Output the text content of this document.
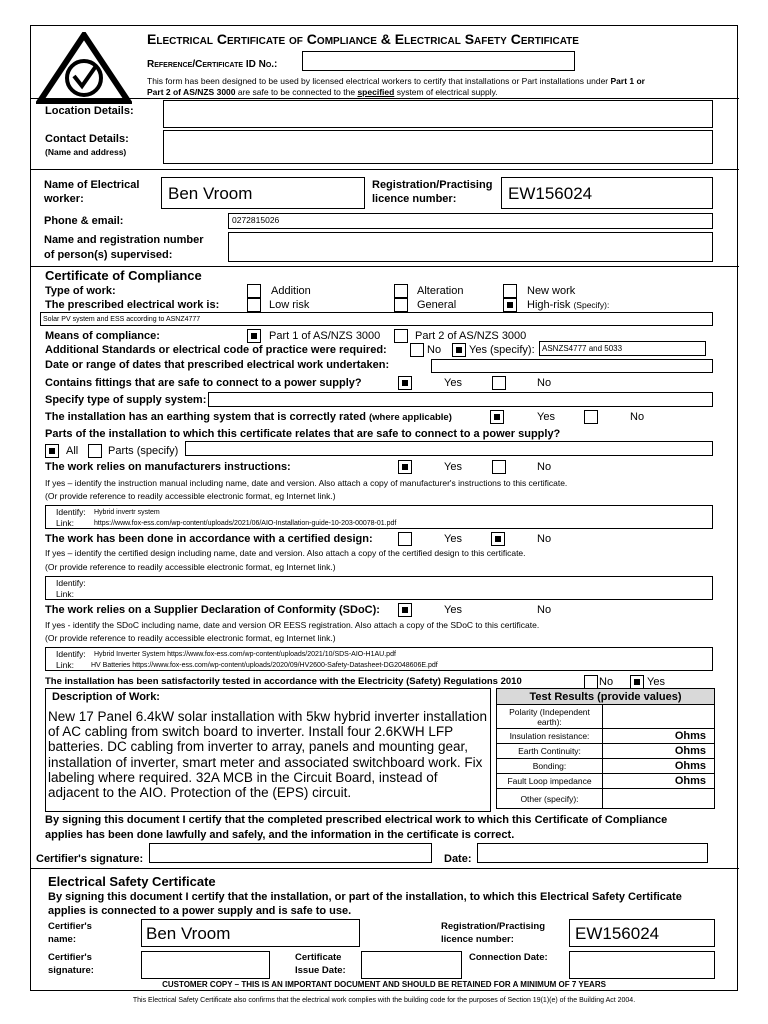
Electrical Certificate of Compliance & Electrical Safety Certificate
Reference/Certificate ID No.:
This form has been designed to be used by licensed electrical workers to certify that installations or Part installations under Part 1 or
Part 2 of AS/NZS 3000 are safe to be connected to the specified system of electrical supply.
Location Details:
Contact Details:
(Name and address)
Name of Electrical
worker:	Ben Vroom	Registration/Practising
licence number:	EW156024
Phone & email:	0272815026
Name and registration number
of person(s) supervised:
Certificate of Compliance
Type of work:	Addition	Alteration	New work
The prescribed electrical work is:	Low risk	General	High-risk (Specify):
Solar PV system and ESS according to ASNZ4777
Means of compliance:	Part 1 of AS/NZS 3000	Part 2 of AS/NZS 3000
Additional Standards or electrical code of practice were required:	No	Yes (specify): ASNZS4777 and 5033
Date or range of dates that prescribed electrical work undertaken:
Contains fittings that are safe to connect to a power supply?	Yes	No
Specify type of supply system:
The installation has an earthing system that is correctly rated (where applicable)	Yes	No
Parts of the installation to which this certificate relates that are safe to connect to a power supply?
All	Parts (specify)
The work relies on manufacturers instructions:	Yes	No
If yes – identify the instruction manual including name, date and version. Also attach a copy of manufacturer's instructions to this certificate.
(Or provide reference to readily accessible electronic format, eg Internet link.)
Identify: Hybrid invertr system
Link:	https://www.fox-ess.com/wp-content/uploads/2021/06/AIO-Installation-guide-10-203-00078-01.pdf
The work has been done in accordance with a certified design:	Yes	No
If yes – identify the certified design including name, date and version. Also attach a copy of the certified design to this certificate.
(Or provide reference to readily accessible electronic format, eg Internet link.)
Identify:
Link:
The work relies on a Supplier Declaration of Conformity (SDoC):	Yes	No
If yes - identify the SDoC including name, date and version OR EESS registration. Also attach a copy of the SDoC to this certificate.
(Or provide reference to readily accessible electronic format, eg Internet link.)
Identify: Hybrid Inverter System https://www.fox-ess.com/wp-content/uploads/2021/10/SDS-AIO-H1AU.pdf
Link: HV Batteries https://www.fox-ess.com/wp-content/uploads/2020/09/HV2600-Safety-Datasheet-DG2048606E.pdf
The installation has been satisfactorily tested in accordance with the Electricity (Safety) Regulations 2010	No	Yes
Description of Work:
New 17 Panel 6.4kW solar installation with 5kw hybrid inverter installation of AC cabling from switch board to inverter. Install four 2.6KWH LFP batteries. DC cabling from inverter to array, panels and mounting gear, installation of inverter, smart meter and associated switchboard work. Fix labeling where required. 32A MCB in the Circuit Board, instead of adjacent to the AIO. Protection of the (EPS) circuit.
Test Results (provide values)	
Polarity (Independent earth):	
Insulation resistance:	Ohms
Earth Continuity:	Ohms
Bonding:	Ohms
Fault Loop impedance	Ohms
Other (specify):	
By signing this document I certify that the completed prescribed electrical work to which this Certificate of Compliance
applies has been done lawfully and safely, and the information in the certificate is correct.
Certifier's signature:	Date:
Electrical Safety Certificate
By signing this document I certify that the installation, or part of the installation, to which this Electrical Safety Certificate
applies is connected to a power supply and is safe to use.
Certifier's
name:	Ben Vroom	Registration/Practising
licence number:	EW156024
Certifier's
signature:
Certificate
Issue Date:
Connection Date:
CUSTOMER COPY – THIS IS AN IMPORTANT DOCUMENT AND SHOULD BE RETAINED FOR A MINIMUM OF 7 YEARS
This Electrical Safety Certificate also confirms that the electrical work complies with the building code for the purposes of Section 19(1)(e) of the Building Act 2004.
